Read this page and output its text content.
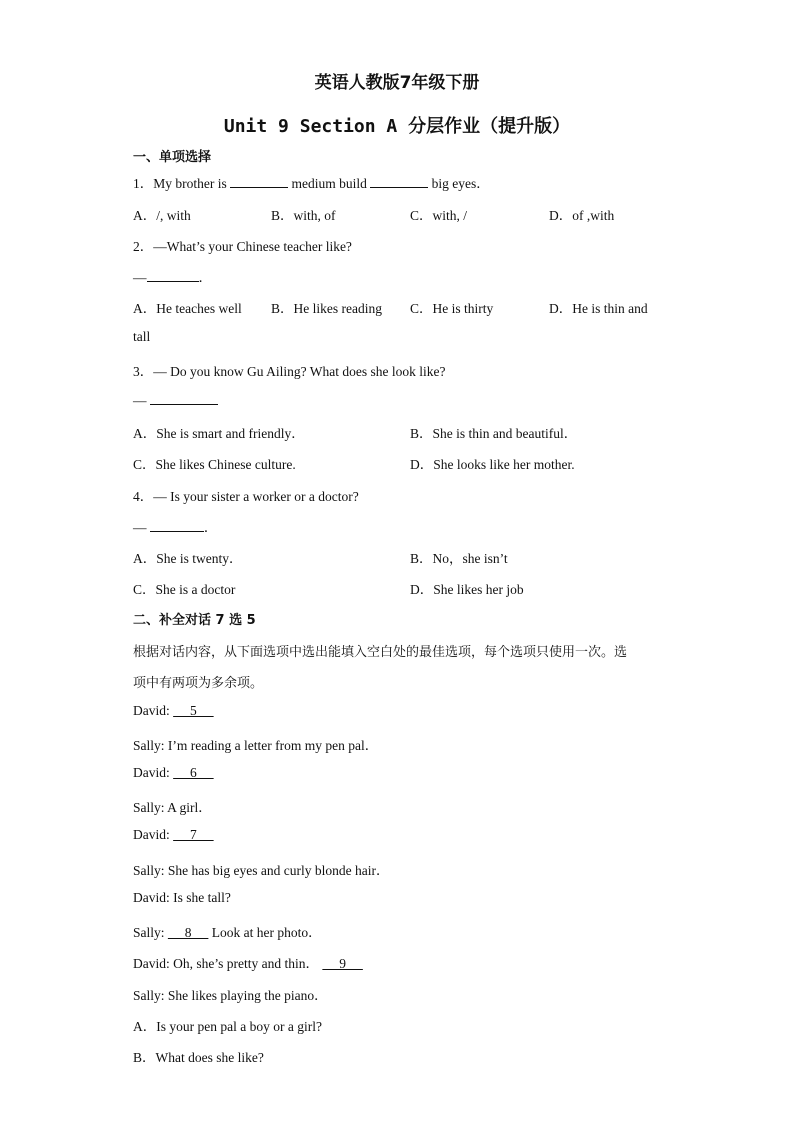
英语人教版7年级下册
Unit 9 Section A 分层作业（提升版）
一、单项选择
1．My brother is	medium build	big eyes．
A．/, with	B．with, of	C．with, /	D．of ,with
2．—What’s your Chinese teacher like?
—	．
A．He teaches well B．He likes reading C．He is thirty	D．He is thin and
tall
3．— Do you know Gu Ailing? What does she look like?
—
A．She is smart and friendly．	B．She is thin and beautiful．
C．She likes Chinese culture.	D．She looks like her mother.
4．— Is your sister a worker or a doctor?
—	．
A．She is twenty．	B．No，she isn’t
C．She is a doctor	D．She likes her job
二、补全对话 7 选 5
根据对话内容，从下面选项中选出能填入空白处的最佳选项，每个选项只使用一次。选
项中有两项为多余项。
David:      5
Sally: I’m reading a letter from my pen pal．
David:      6
Sally: A girl．
David:      7
Sally: She has big eyes and curly blonde hair．
David: Is she tall?
Sally:      8      Look at her photo．
David: Oh, she’s pretty and thin．      9
Sally: She likes playing the piano．
A．Is your pen pal a boy or a girl?
B．What does she like?
